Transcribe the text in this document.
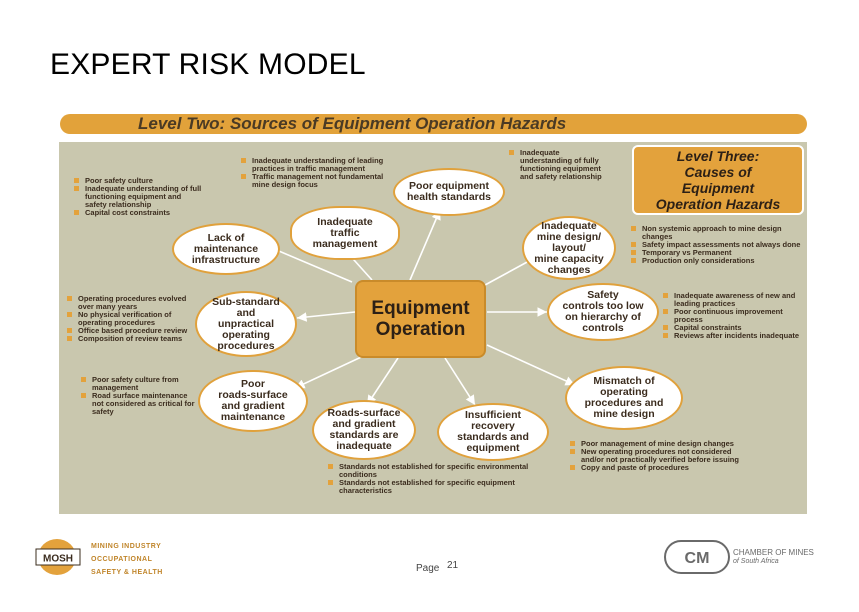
EXPERT RISK MODEL
Level Two: Sources of Equipment Operation Hazards
Level Three:
Causes of
Equipment
Operation Hazards
Equipment
Operation
Poor equipment
health standards
Inadequate
traffic
management
Lack of
maintenance
infrastructure
Inadequate
mine design/
layout/
mine capacity
changes
Safety
controls too low
on hierarchy of
controls
Sub-standard
and
unpractical
operating
procedures
Poor
roads-surface
and gradient
maintenance	Roads-surface
and gradient
standards are
inadequate
Insufficient
recovery
standards and
equipment
Mismatch of
operating
procedures and
mine design
Poor safety culture
Inadequate understanding of full functioning equipment and safety relationship
Capital cost constraints
Inadequate understanding of leading practices in traffic management
Traffic management not fundamental mine design focus
Inadequate understanding of fully functioning equipment and safety relationship
Non systemic approach to mine design changes
Safety impact assessments not always done
Temporary vs Permanent
Production only considerations
Operating procedures evolved over many years
No physical verification of operating procedures
Office based procedure review
Composition of review teams
Inadequate awareness of new and leading practices
Poor continuous improvement process
Capital constraints
Reviews after incidents inadequate
Poor safety culture from management
Road surface maintenance not considered as critical for safety
Standards not established for specific environmental conditions
Standards not established for specific equipment characteristics
Poor management of mine design changes
New operating procedures not considered and/or not practically verified before issuing
Copy and paste of procedures
MOSH
MINING INDUSTRY
OCCUPATIONAL
SAFETY & HEALTH	Page 21	CM	CHAMBER OF MINES
of South Africa
